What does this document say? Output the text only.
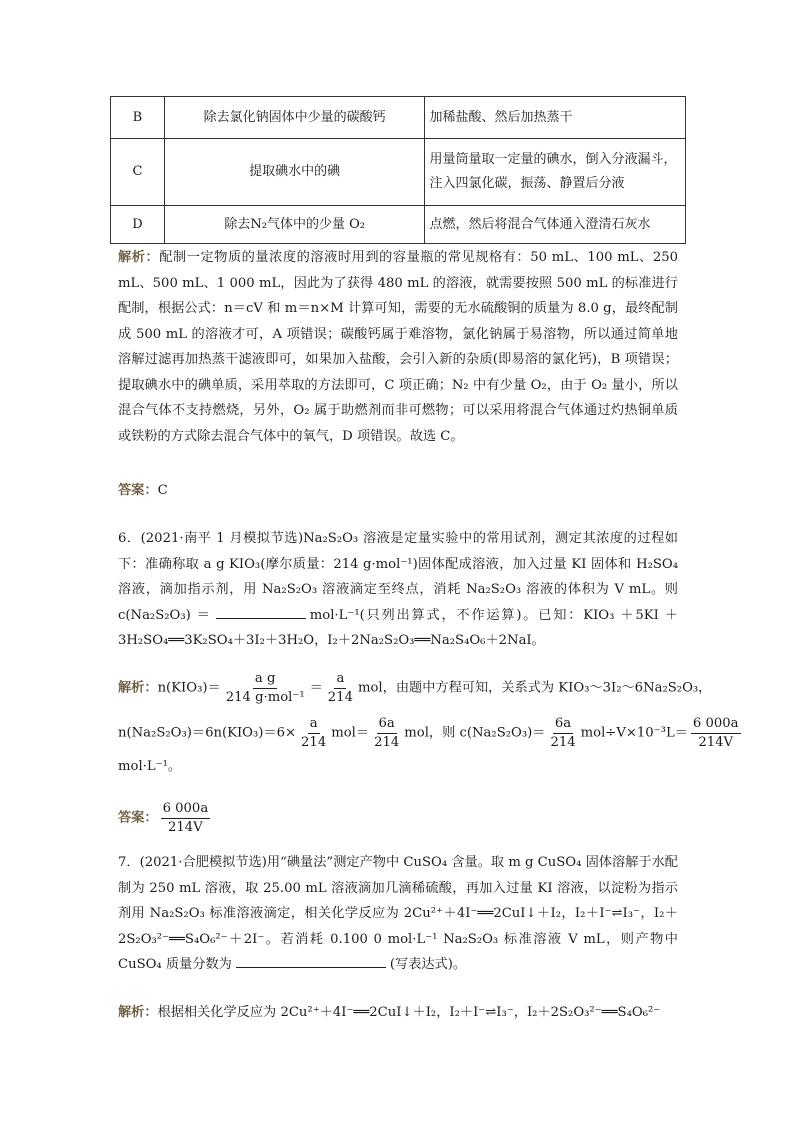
B	除去氯化钠固体中少量的碳酸钙	加稀盐酸、然后加热蒸干
C	提取碘水中的碘	用量筒量取一定量的碘水，倒入分液漏斗，注入四氯化碳，振荡、静置后分液
D	除去N₂气体中的少量 O₂	点燃，然后将混合气体通入澄清石灰水

解析：配制一定物质的量浓度的溶液时用到的容量瓶的常见规格有：50 mL、100 mL、250 mL、500 mL、1 000 mL，因此为了获得 480 mL 的溶液，就需要按照 500 mL 的标准进行配制，根据公式：n＝cV 和 m＝n×M 计算可知，需要的无水硫酸铜的质量为 8.0 g，最终配制成 500 mL 的溶液才可，A 项错误；碳酸钙属于难溶物，氯化钠属于易溶物，所以通过简单地溶解过滤再加热蒸干滤液即可，如果加入盐酸，会引入新的杂质(即易溶的氯化钙)，B 项错误；提取碘水中的碘单质，采用萃取的方法即可，C 项正确；N₂ 中有少量 O₂，由于 O₂ 量小，所以混合气体不支持燃烧，另外，O₂ 属于助燃剂而非可燃物；可以采用将混合气体通过灼热铜单质或铁粉的方式除去混合气体中的氧气，D 项错误。故选 C。

答案：C

6．(2021·南平 1 月模拟节选)Na₂S₂O₃ 溶液是定量实验中的常用试剂，测定其浓度的过程如下：准确称取 a g KIO₃(摩尔质量：214 g·mol⁻¹)固体配成溶液，加入过量 KI 固体和 H₂SO₄ 溶液，滴加指示剂，用 Na₂S₂O₃ 溶液滴定至终点，消耗 Na₂S₂O₃ 溶液的体积为 V mL。则 c(Na₂S₂O₃) ＝	mol·L⁻¹(只列出算式，不作运算)。已知：KIO₃ ＋5KI ＋ 3H₂SO₄══3K₂SO₄＋3I₂＋3H₂O，I₂＋2Na₂S₂O₃══Na₂S₄O₆＋2NaI。

解析：$n(KIO_3)= \frac{\text{a g}}{\text{214 g·mol⁻¹}} = \frac{a}{214}$ mol，由题中方程可知，关系式为 KIO₃～3I₂～6Na₂S₂O₃，
$n(Na_2S_2O_3)=6n(KIO_3)=6\times \frac{a}{214} mol= \frac{6a}{214}$ mol，则 $c(Na_2S_2O_3)= \frac{6a}{214} mol\div V\times 10^{-3}L= \frac{6 000a}{214V}$
mol·L⁻¹。
答案： $\frac{6 000a}{214V}$

7．(2021·合肥模拟节选)用“碘量法”测定产物中 CuSO₄ 含量。取 m g CuSO₄ 固体溶解于水配制为 250 mL 溶液，取 25.00 mL 溶液滴加几滴稀硫酸，再加入过量 KI 溶液，以淀粉为指示剂用 Na₂S₂O₃ 标准溶液滴定，相关化学反应为 2Cu²⁺＋4I⁻══2CuI↓＋I₂，I₂＋I⁻⇌I₃⁻，I₂＋2S₂O₃²⁻══S₄O₆²⁻＋2I⁻。若消耗 0.100 0 mol·L⁻¹ Na₂S₂O₃ 标准溶液 V mL，则产物中 CuSO₄ 质量分数为	(写表达式)。

解析：根据相关化学反应为 2Cu²⁺＋4I⁻══2CuI↓＋I₂，I₂＋I⁻⇌I₃⁻，I₂＋2S₂O₃²⁻══S₄O₆²⁻
